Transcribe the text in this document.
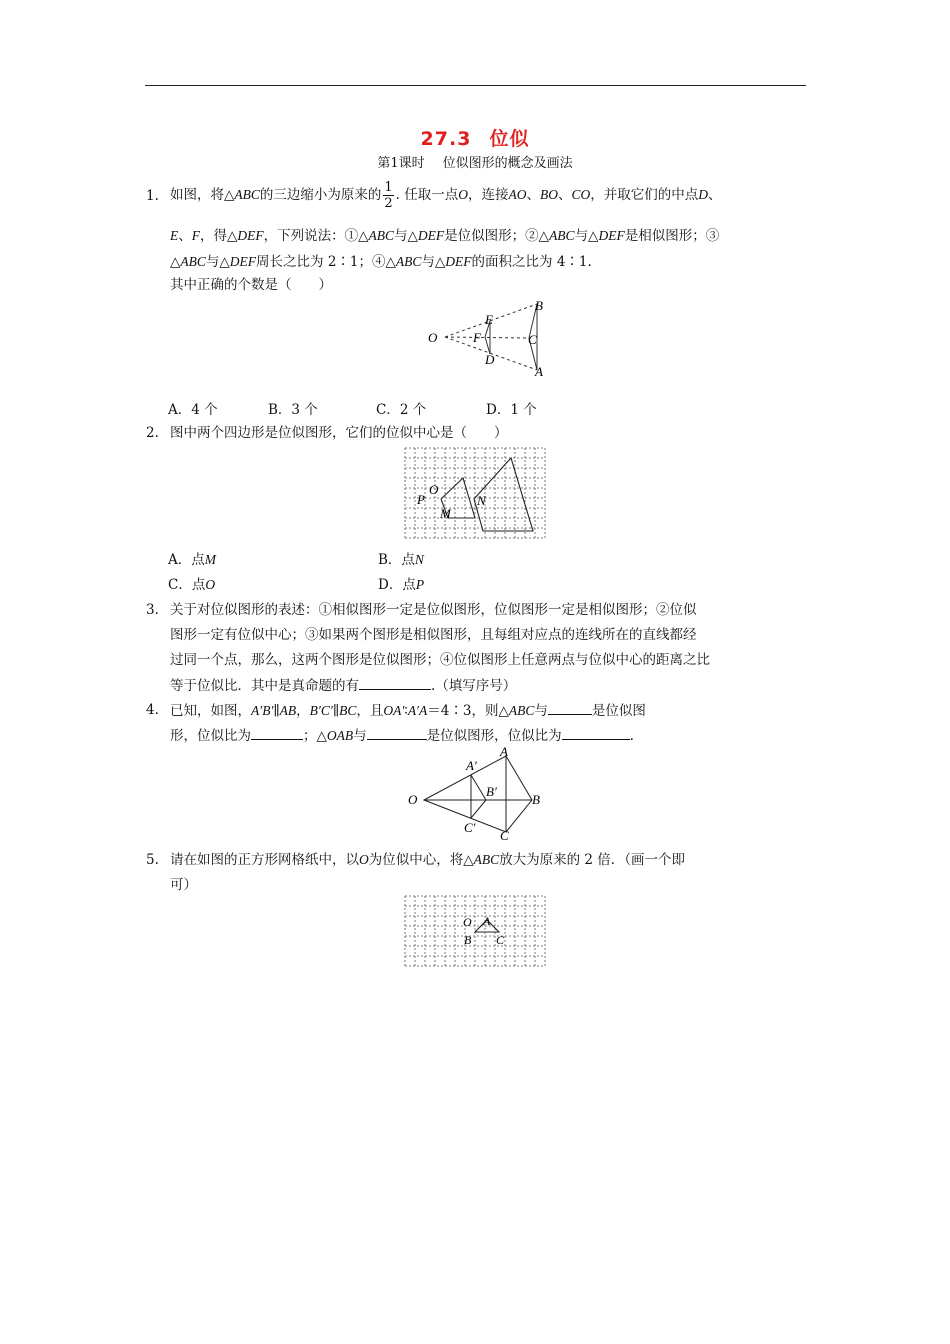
27.3 位似
第1课时 位似图形的概念及画法
1. 如图，将△ABC的三边缩小为原来的 $\frac{1}{2}$ . 任取一点O，连接AO、BO、CO，并取它们的中点D、
E、F，得△DEF，下列说法：①△ABC与△DEF是位似图形；②△ABC与△DEF是相似图形；③
△ABC与△DEF周长之比为 2∶1；④△ABC与△DEF的面积之比为 4∶1.
其中正确的个数是（　　）
O
E
F
D
B
C
A
A．4 个	B．3 个	C．2 个	D．1 个
2. 图中两个四边形是位似图形，它们的位似中心是（　　）
O
P
M
N
A．点M	B．点N
C．点O	D．点P
3. 关于对位似图形的表述：①相似图形一定是位似图形，位似图形一定是相似图形；②位似
图形一定有位似中心；③如果两个图形是相似图形，且每组对应点的连线所在的直线都经
过同一个点，那么，这两个图形是位似图形；④位似图形上任意两点与位似中心的距离之比
等于位似比．其中是真命题的有	.（填写序号）
4. 已知，如图，A′B′∥AB，B′C′∥BC，且OA′∶A′A＝4∶3，则△ABC与	是位似图
形，位似比为	；△OAB与	是位似图形，位似比为	.
O
A′
A
B′
B
C′
C
5. 请在如图的正方形网格纸中，以O为位似中心，将△ABC放大为原来的 2 倍．（画一个即
可）
O A
B C
